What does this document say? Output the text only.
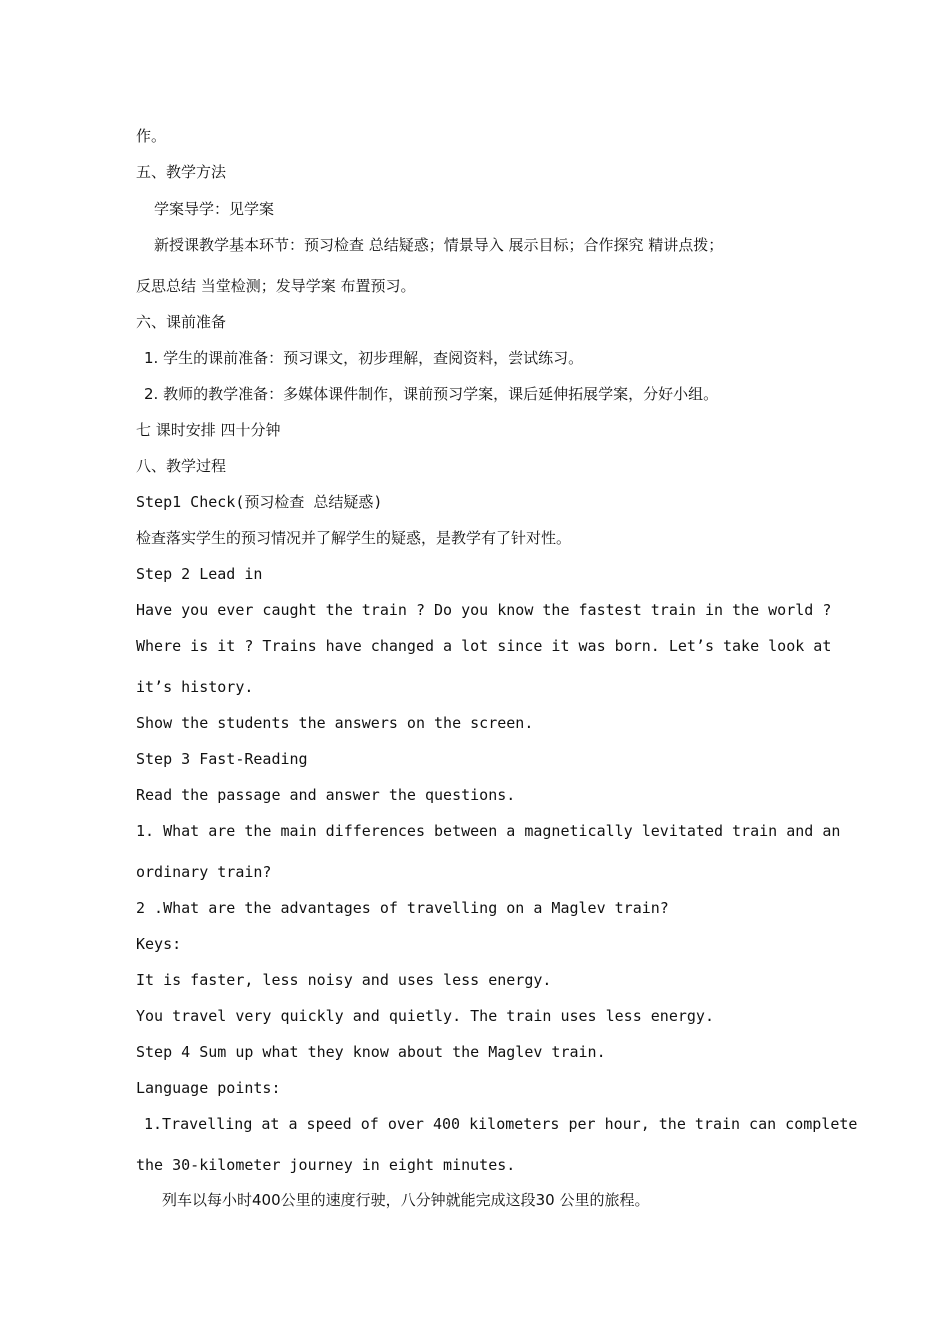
作。
五、教学方法
学案导学：见学案
新授课教学基本环节：预习检查 总结疑惑；情景导入 展示目标；合作探究 精讲点拨；
反思总结 当堂检测；发导学案 布置预习。
六、课前准备
1. 学生的课前准备：预习课文，初步理解，查阅资料，尝试练习。
2. 教师的教学准备：多媒体课件制作，课前预习学案，课后延伸拓展学案，分好小组。
七 课时安排 四十分钟
八、教学过程
Step1 Check(预习检查 总结疑惑)
检查落实学生的预习情况并了解学生的疑惑，是教学有了针对性。
Step 2 Lead in
Have you ever caught the train ? Do you know the fastest train in the world ?
Where is it ? Trains have changed a lot since it was born. Let’s take look at
it’s history.
Show the students the answers on the screen.
Step 3 Fast-Reading
Read the passage and answer the questions.
1. What are the main differences between a magnetically levitated train and an
ordinary train?
2 .What are the advantages of travelling on a Maglev train?
Keys:
It is faster, less noisy and uses less energy.
You travel very quickly and quietly. The train uses less energy.
Step 4 Sum up what they know about the Maglev train.
Language points:
1.Travelling at a speed of over 400 kilometers per hour, the train can complete
the 30-kilometer journey in eight minutes.
列车以每小时400公里的速度行驶，八分钟就能完成这段30 公里的旅程。
